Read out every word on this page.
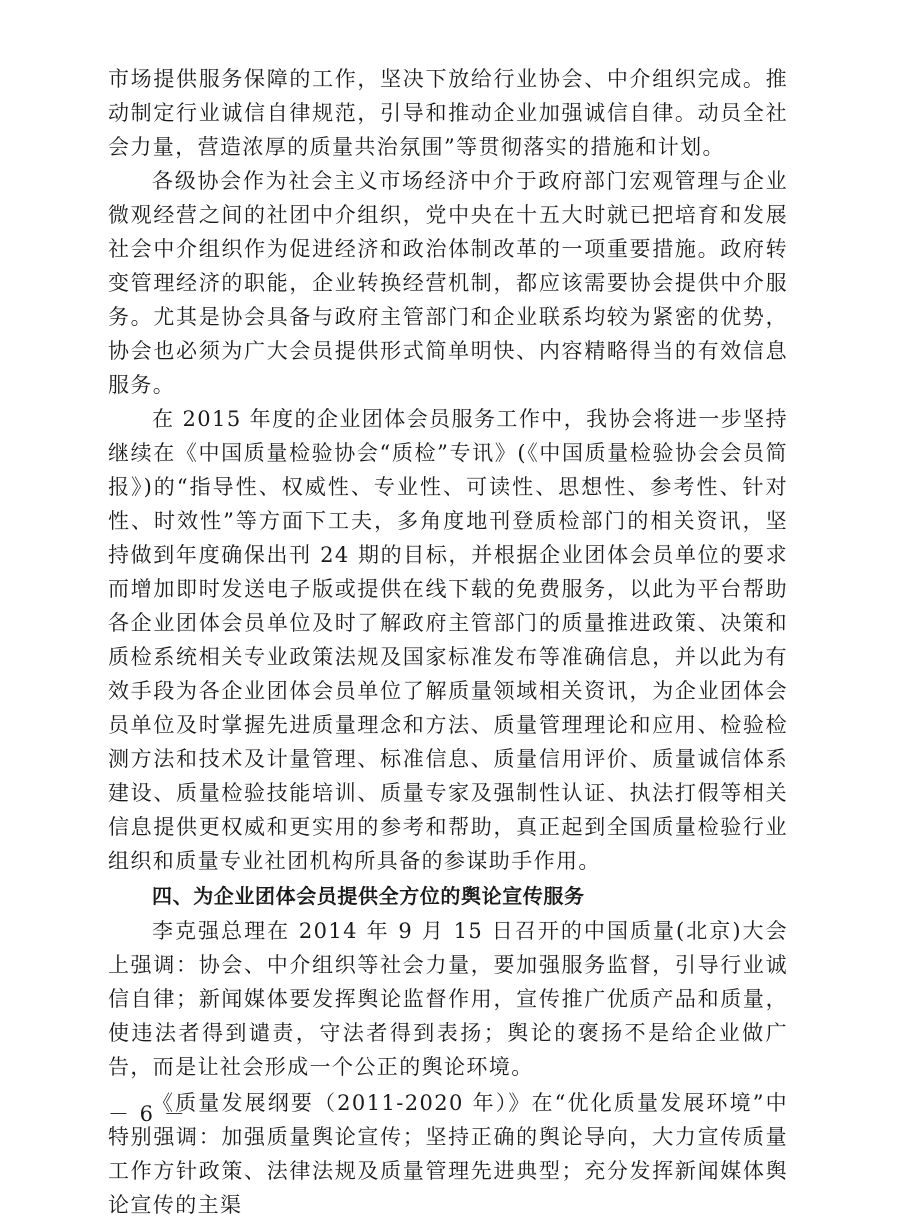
市场提供服务保障的工作，坚决下放给行业协会、中介组织完成。推动制定行业诚信自律规范，引导和推动企业加强诚信自律。动员全社会力量，营造浓厚的质量共治氛围”等贯彻落实的措施和计划。

各级协会作为社会主义市场经济中介于政府部门宏观管理与企业微观经营之间的社团中介组织，党中央在十五大时就已把培育和发展社会中介组织作为促进经济和政治体制改革的一项重要措施。政府转变管理经济的职能，企业转换经营机制，都应该需要协会提供中介服务。尤其是协会具备与政府主管部门和企业联系均较为紧密的优势，协会也必须为广大会员提供形式简单明快、内容精略得当的有效信息服务。

在 2015 年度的企业团体会员服务工作中，我协会将进一步坚持继续在《中国质量检验协会“质检”专讯》(《中国质量检验协会会员简报》)的“指导性、权威性、专业性、可读性、思想性、参考性、针对性、时效性”等方面下工夫，多角度地刊登质检部门的相关资讯，坚持做到年度确保出刊 24 期的目标，并根据企业团体会员单位的要求而增加即时发送电子版或提供在线下载的免费服务，以此为平台帮助各企业团体会员单位及时了解政府主管部门的质量推进政策、决策和质检系统相关专业政策法规及国家标准发布等准确信息，并以此为有效手段为各企业团体会员单位了解质量领域相关资讯，为企业团体会员单位及时掌握先进质量理念和方法、质量管理理论和应用、检验检测方法和技术及计量管理、标准信息、质量信用评价、质量诚信体系建设、质量检验技能培训、质量专家及强制性认证、执法打假等相关信息提供更权威和更实用的参考和帮助，真正起到全国质量检验行业组织和质量专业社团机构所具备的参谋助手作用。

四、为企业团体会员提供全方位的舆论宣传服务

李克强总理在 2014 年 9 月 15 日召开的中国质量(北京)大会上强调：协会、中介组织等社会力量，要加强服务监督，引导行业诚信自律；新闻媒体要发挥舆论监督作用，宣传推广优质产品和质量，使违法者得到谴责，守法者得到表扬；舆论的褒扬不是给企业做广告，而是让社会形成一个公正的舆论环境。

《质量发展纲要（2011-2020 年）》在“优化质量发展环境”中特别强调：加强质量舆论宣传；坚持正确的舆论导向，大力宣传质量工作方针政策、法律法规及质量管理先进典型；充分发挥新闻媒体舆论宣传的主渠

－ 6 －
